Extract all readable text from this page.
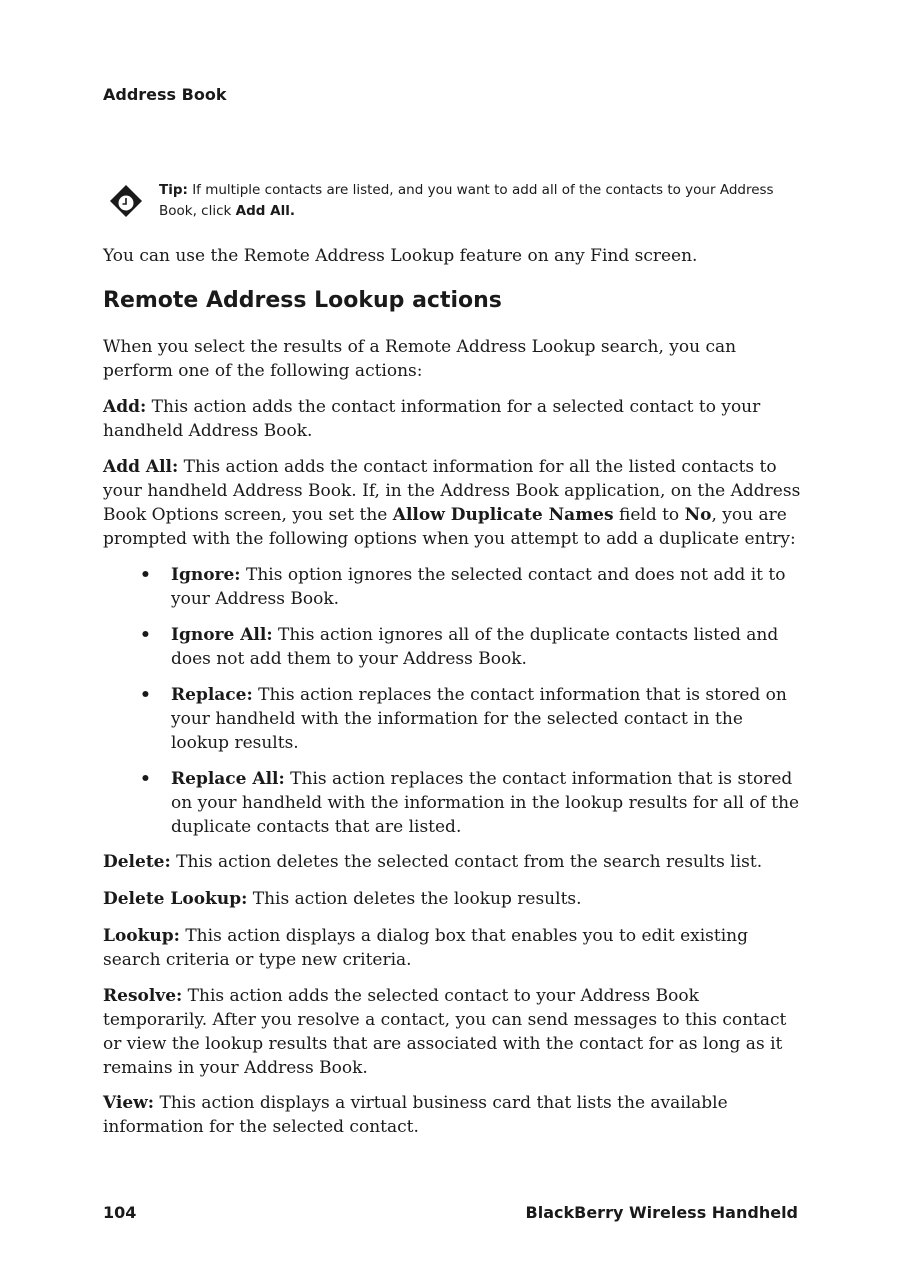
Address Book
Tip: If multiple contacts are listed, and you want to add all of the contacts to your Address Book, click Add All.
You can use the Remote Address Lookup feature on any Find screen.
Remote Address Lookup actions
When you select the results of a Remote Address Lookup search, you can perform one of the following actions:
Add: This action adds the contact information for a selected contact to your handheld Address Book.
Add All: This action adds the contact information for all the listed contacts to your handheld Address Book. If, in the Address Book application, on the Address Book Options screen, you set the Allow Duplicate Names field to No, you are prompted with the following options when you attempt to add a duplicate entry:
• Ignore: This option ignores the selected contact and does not add it to your Address Book.
• Ignore All: This action ignores all of the duplicate contacts listed and does not add them to your Address Book.
• Replace: This action replaces the contact information that is stored on your handheld with the information for the selected contact in the lookup results.
• Replace All: This action replaces the contact information that is stored on your handheld with the information in the lookup results for all of the duplicate contacts that are listed.
Delete: This action deletes the selected contact from the search results list.
Delete Lookup: This action deletes the lookup results.
Lookup: This action displays a dialog box that enables you to edit existing search criteria or type new criteria.
Resolve: This action adds the selected contact to your Address Book temporarily. After you resolve a contact, you can send messages to this contact or view the lookup results that are associated with the contact for as long as it remains in your Address Book.
View: This action displays a virtual business card that lists the available information for the selected contact.
104	BlackBerry Wireless Handheld
